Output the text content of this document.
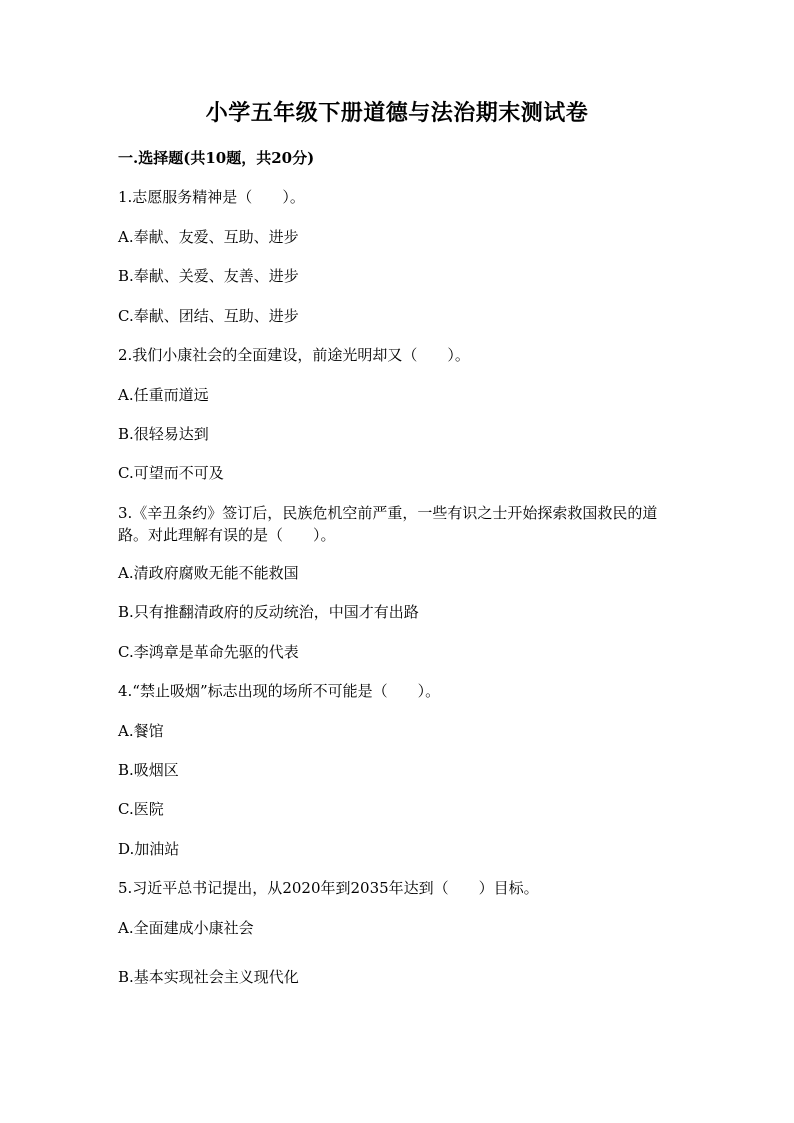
小学五年级下册道德与法治期末测试卷
一.选择题(共10题，共20分)
1.志愿服务精神是（　　）。
A.奉献、友爱、互助、进步
B.奉献、关爱、友善、进步
C.奉献、团结、互助、进步
2.我们小康社会的全面建设，前途光明却又（　　）。
A.任重而道远
B.很轻易达到
C.可望而不可及
3.《辛丑条约》签订后，民族危机空前严重，一些有识之士开始探索救国救民的道路。对此理解有误的是（　　）。
A.清政府腐败无能不能救国
B.只有推翻清政府的反动统治，中国才有出路
C.李鸿章是革命先驱的代表
4.“禁止吸烟”标志出现的场所不可能是（　　）。
A.餐馆
B.吸烟区
C.医院
D.加油站
5.习近平总书记提出，从2020年到2035年达到（　　）目标。
A.全面建成小康社会
B.基本实现社会主义现代化
